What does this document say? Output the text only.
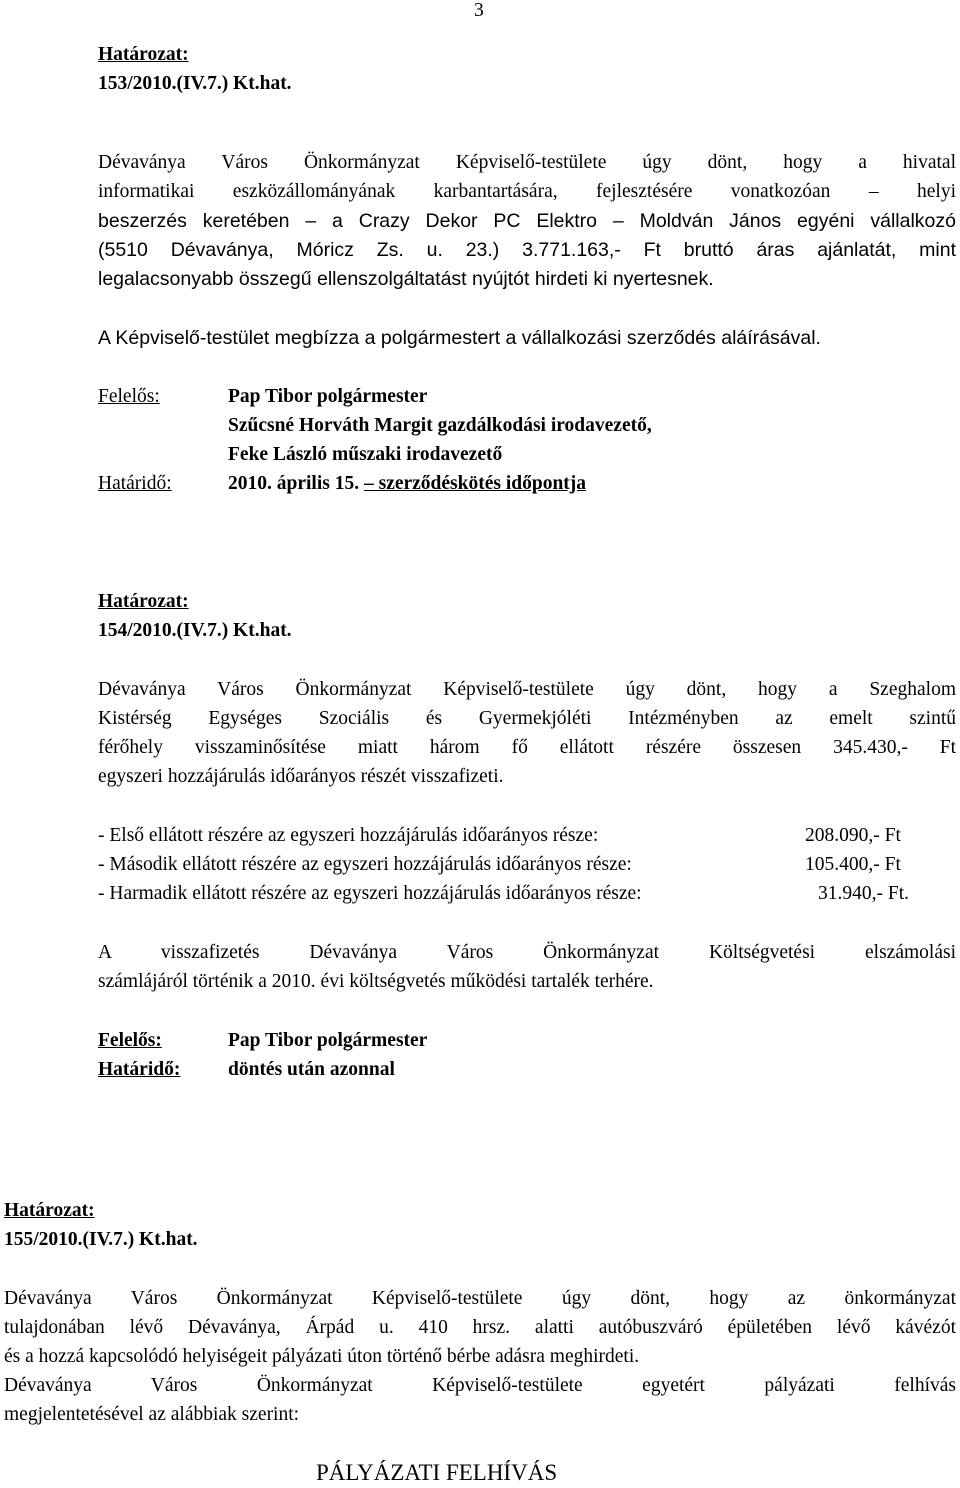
3
Határozat:
153/2010.(IV.7.) Kt.hat.
Dévaványa Város Önkormányzat Képviselő-testülete úgy dönt, hogy a hivatal
informatikai eszközállományának karbantartására, fejlesztésére vonatkozóan – helyi
beszerzés keretében – a Crazy Dekor PC Elektro – Moldván János egyéni vállalkozó
(5510 Dévaványa, Móricz Zs. u. 23.) 3.771.163,- Ft bruttó áras ajánlatát, mint
legalacsonyabb összegű ellenszolgáltatást nyújtót hirdeti ki nyertesnek.
A Képviselő-testület megbízza a polgármestert a vállalkozási szerződés aláírásával.
Felelős:	Pap Tibor polgármester
Szűcsné Horváth Margit gazdálkodási irodavezető,
Feke László műszaki irodavezető
Határidő:	2010. április 15. – szerződéskötés időpontja
Határozat:
154/2010.(IV.7.) Kt.hat.
Dévaványa Város Önkormányzat Képviselő-testülete úgy dönt, hogy a Szeghalom
Kistérség Egységes Szociális és Gyermekjóléti Intézményben az emelt szintű
férőhely visszaminősítése miatt három fő ellátott részére összesen 345.430,- Ft
egyszeri hozzájárulás időarányos részét visszafizeti.
- Első ellátott részére az egyszeri hozzájárulás időarányos része:	208.090,- Ft
- Második ellátott részére az egyszeri hozzájárulás időarányos része:	105.400,- Ft
- Harmadik ellátott részére az egyszeri hozzájárulás időarányos része:	31.940,- Ft.
A visszafizetés Dévaványa Város Önkormányzat Költségvetési elszámolási
számlájáról történik a 2010. évi költségvetés működési tartalék terhére.
Felelős:	Pap Tibor polgármester
Határidő: döntés után azonnal
Határozat:
155/2010.(IV.7.) Kt.hat.
Dévaványa Város Önkormányzat Képviselő-testülete úgy dönt, hogy az önkormányzat
tulajdonában lévő Dévaványa, Árpád u. 410 hrsz. alatti autóbuszváró épületében lévő kávézót
és a hozzá kapcsolódó helyiségeit pályázati úton történő bérbe adásra meghirdeti.
Dévaványa Város Önkormányzat Képviselő-testülete egyetért pályázati felhívás
megjelentetésével az alábbiak szerint:
PÁLYÁZATI FELHÍVÁS
